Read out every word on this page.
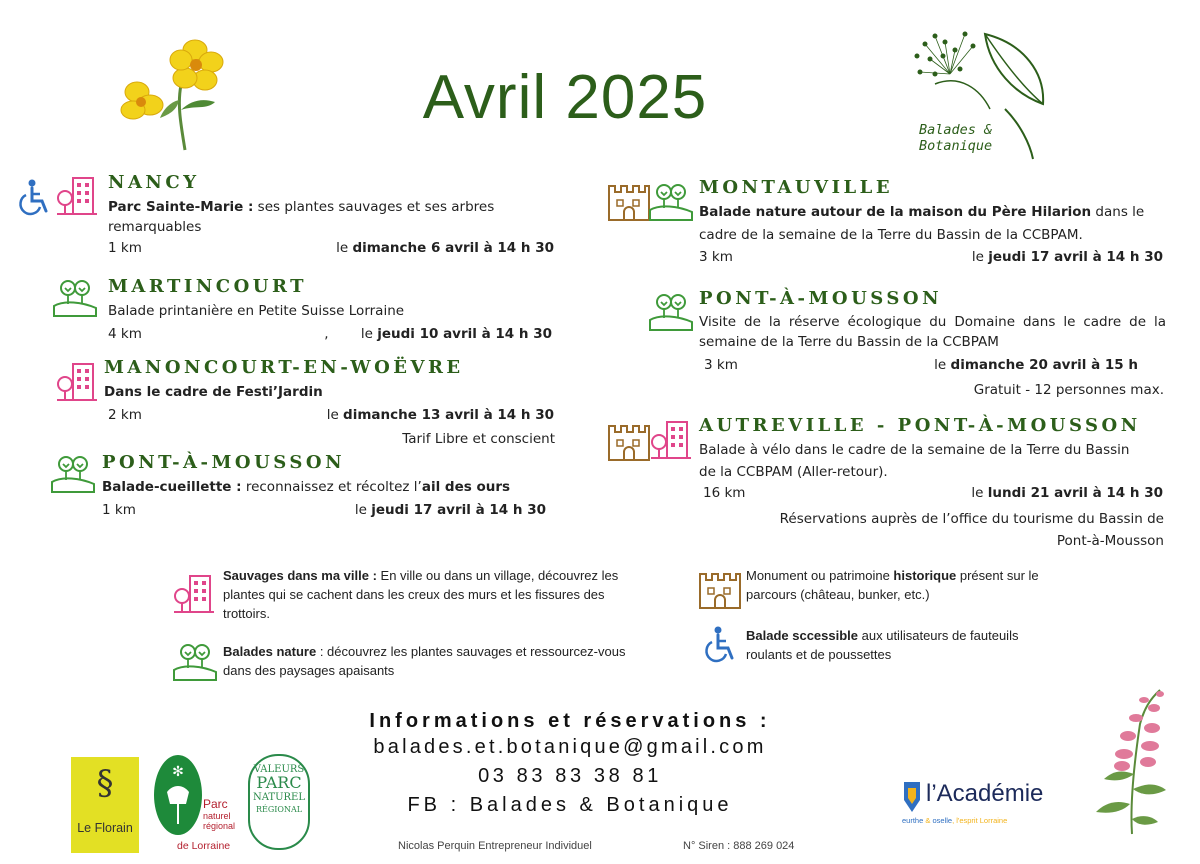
Avril 2025	Balades &
Botanique
NANCY
Parc Sainte-Marie : ses plantes sauvages et ses arbres remarquables
1 km	le dimanche 6 avril à 14 h 30
MARTINCOURT
Balade printanière en Petite Suisse Lorraine
4 km	, le jeudi 10 avril à 14 h 30
MANONCOURT-EN-WOËVRE
Dans le cadre de Festi’Jardin
2 km	le dimanche 13 avril à 14 h 30
Tarif Libre et conscient
PONT-À-MOUSSON
Balade-cueillette : reconnaissez et récoltez l’ail des ours
1 km	le jeudi 17 avril à 14 h 30
MONTAUVILLE
Balade nature autour de la maison du Père Hilarion dans le cadre de la semaine de la Terre du Bassin de la CCBPAM.
3 km	le jeudi 17 avril à 14 h 30
PONT-À-MOUSSON
Visite de la réserve écologique du Domaine dans le cadre de la semaine de la Terre du Bassin de la CCBPAM
3 km	le dimanche 20 avril à 15 h
Gratuit - 12 personnes max.
AUTREVILLE - PONT-À-MOUSSON
Balade à vélo dans le cadre de la semaine de la Terre du Bassin de la CCBPAM (Aller-retour).
16 km	le lundi 21 avril à 14 h 30
Réservations auprès de l’office du tourisme du Bassin de
Pont-à-Mousson
Sauvages dans ma ville : En ville ou dans un village, découvrez les plantes qui se cachent dans les creux des murs et les fissures des trottoirs.
Balades nature : découvrez les plantes sauvages et ressourcez-vous dans des paysages apaisants
Monument ou patrimoine historique présent sur le parcours (château, bunker, etc.)
Balade sccessible aux utilisateurs de fauteuils roulants et de poussettes
Informations et réservations :
balades.et.botanique@gmail.com
03 83 83 38 81
FB : Balades & Botanique
§
Le Florain
✻
Parc
naturel
régional
de Lorraine
VALEURS
PARC
NATUREL
RÉGIONAL
l’Académie
eurthe & oselle, l'esprit Lorraine
Nicolas Perquin Entrepreneur Individuel	N° Siren : 888 269 024
